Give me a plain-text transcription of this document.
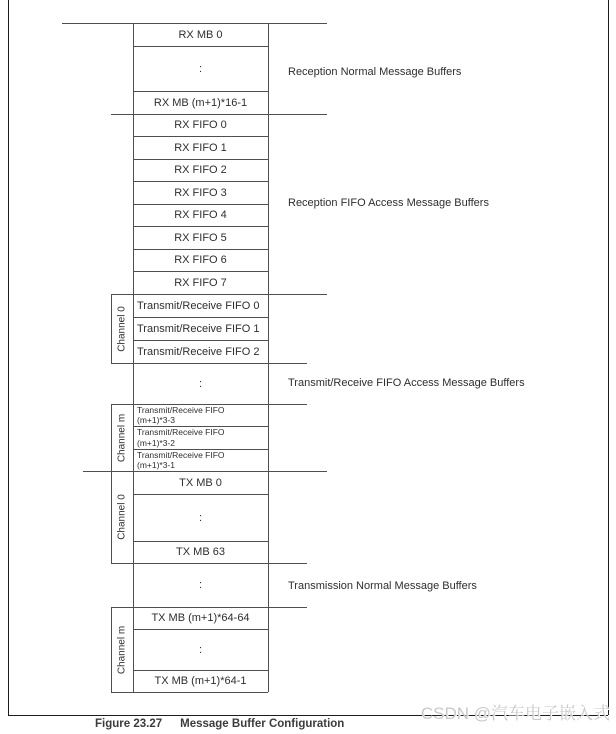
Figure 23.27 Message Buffer Configuration
CSDN @汽车电子嵌入式
Reception Normal Message Buffers
RX MB 0
:
RX MB (m+1)*16-1
Reception FIFO Access Message Buffers
RX FIFO 0
RX FIFO 1
RX FIFO 2
RX FIFO 3
RX FIFO 4
RX FIFO 5
RX FIFO 6
RX FIFO 7
Transmit/Receive FIFO Access Message Buffers
Channel 0
Transmit/Receive FIFO 0
Transmit/Receive FIFO 1
Transmit/Receive FIFO 2
:
Channel m
Transmit/Receive FIFO
(m+1)*3-3
Transmit/Receive FIFO
(m+1)*3-2
Transmit/Receive FIFO
(m+1)*3-1
Transmission Normal Message Buffers
Channel 0
TX MB 0
:
TX MB 63
:
Channel m
TX MB (m+1)*64-64
:
TX MB (m+1)*64-1
